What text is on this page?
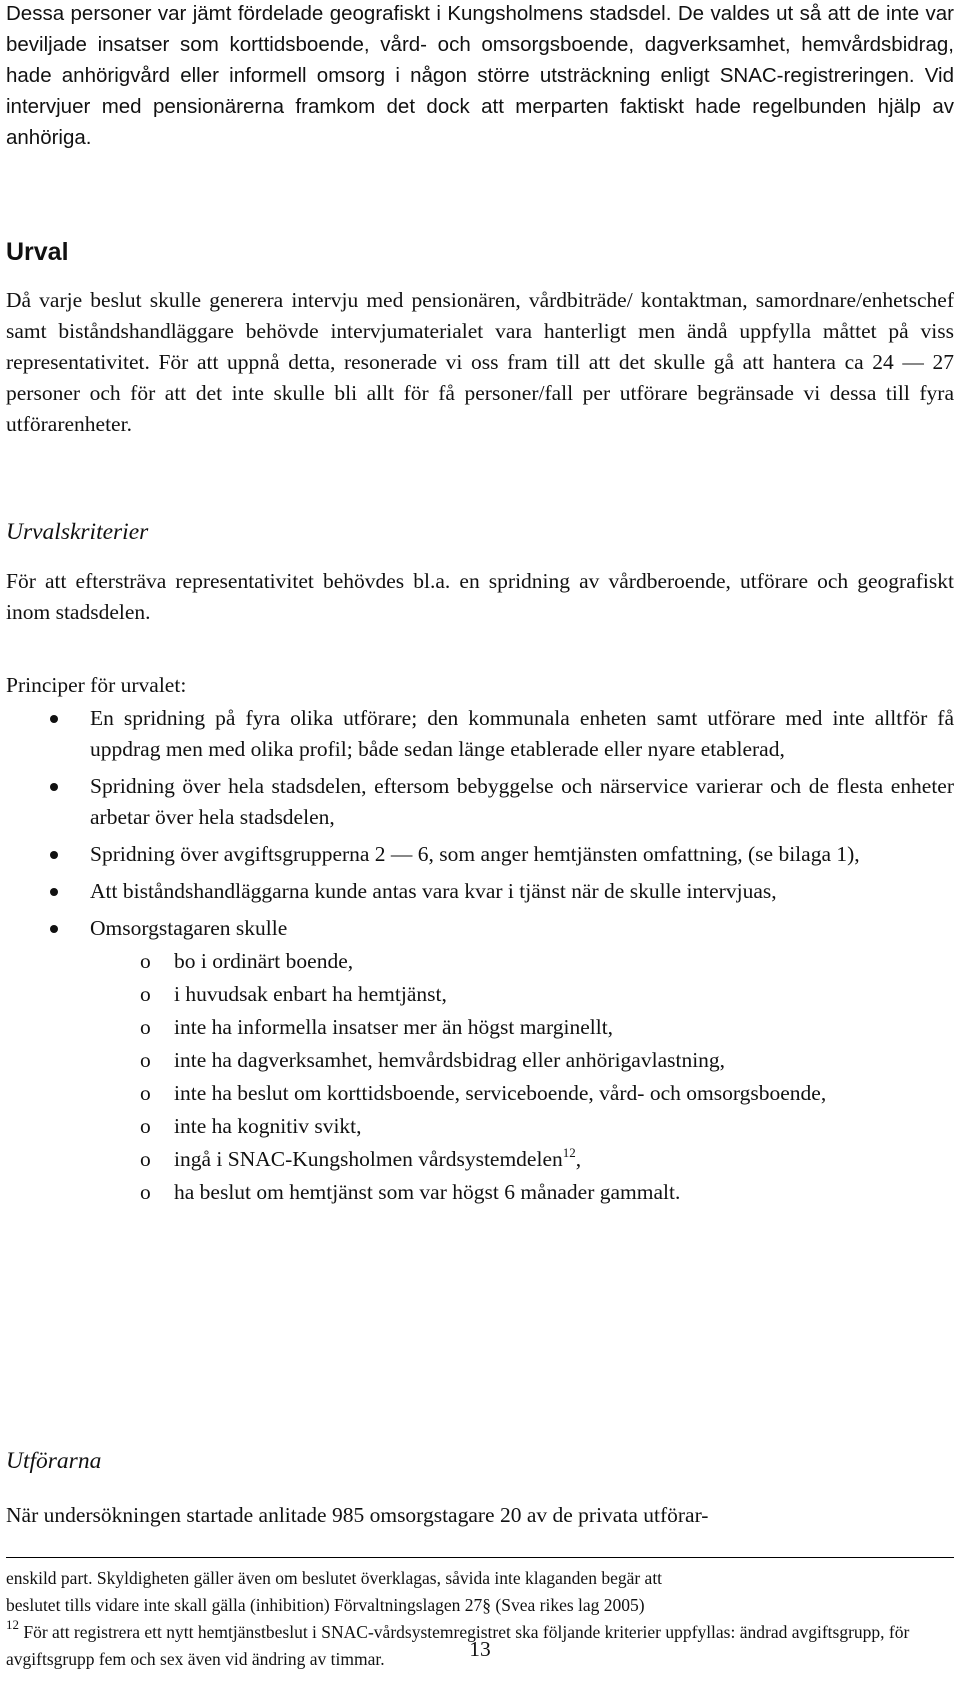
Dessa personer var jämt fördelade geografiskt i Kungsholmens stadsdel. De valdes ut så att de inte var beviljade insatser som korttidsboende, vård- och omsorgsboende, dagverksamhet, hemvårdsbidrag, hade anhörigvård eller informell omsorg i någon större utsträckning enligt SNAC-registreringen. Vid intervjuer med pensionärerna framkom det dock att merparten faktiskt hade regelbunden hjälp av anhöriga.

Urval

Då varje beslut skulle generera intervju med pensionären, vårdbiträde/ kontaktman, samordnare/enhetschef samt biståndshandläggare behövde intervjumaterialet vara hanterligt men ändå uppfylla måttet på viss representativitet. För att uppnå detta, resonerade vi oss fram till att det skulle gå att hantera ca 24 — 27 personer och för att det inte skulle bli allt för få personer/fall per utförare begränsade vi dessa till fyra utförarenheter.

Urvalskriterier

För att eftersträva representativitet behövdes bl.a. en spridning av vårdberoende, utförare och geografiskt inom stadsdelen.

Principer för urvalet:

En spridning på fyra olika utförare; den kommunala enheten samt utförare med inte alltför få uppdrag men med olika profil; både sedan länge etablerade eller nyare etablerad,
Spridning över hela stadsdelen, eftersom bebyggelse och närservice varierar och de flesta enheter arbetar över hela stadsdelen,
Spridning över avgiftsgrupperna 2 — 6, som anger hemtjänsten omfattning, (se bilaga 1),
Att biståndshandläggarna kunde antas vara kvar i tjänst när de skulle intervjuas,
Omsorgstagaren skulle
o bo i ordinärt boende,
o i huvudsak enbart ha hemtjänst,
o inte ha informella insatser mer än högst marginellt,
o inte ha dagverksamhet, hemvårdsbidrag eller anhörigavlastning,
o inte ha beslut om korttidsboende, serviceboende, vård- och omsorgsboende,
o inte ha kognitiv svikt,
o ingå i SNAC-Kungsholmen vårdsystemdelen$^{12}$,
o ha beslut om hemtjänst som var högst 6 månader gammalt.
Utförarna

När undersökningen startade anlitade 985 omsorgstagare 20 av de privata utförar-

enskild part. Skyldigheten gäller även om beslutet överklagas, såvida inte klaganden begär att

beslutet tills vidare inte skall gälla (inhibition) Förvaltningslagen 27§ (Svea rikes lag 2005)

$^{12}$ För att registrera ett nytt hemtjänstbeslut i SNAC-vårdsystemregistret ska följande kriterier uppfyllas: ändrad avgiftsgrupp, för avgiftsgrupp fem och sex även vid ändring av timmar.	13
